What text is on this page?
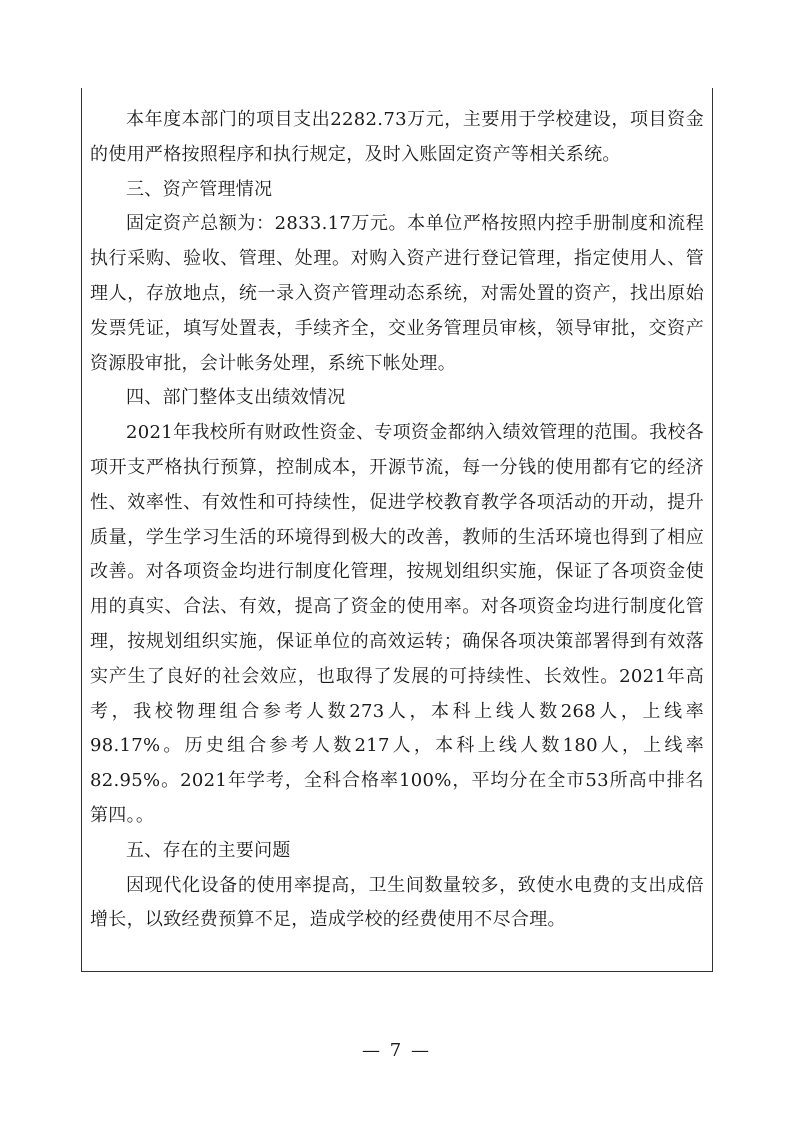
本年度本部门的项目支出2282.73万元，主要用于学校建设，项目资金的使用严格按照程序和执行规定，及时入账固定资产等相关系统。

三、资产管理情况

固定资产总额为：2833.17万元。本单位严格按照内控手册制度和流程执行采购、验收、管理、处理。对购入资产进行登记管理，指定使用人、管理人，存放地点，统一录入资产管理动态系统，对需处置的资产，找出原始发票凭证，填写处置表，手续齐全，交业务管理员审核，领导审批，交资产资源股审批，会计帐务处理，系统下帐处理。

四、部门整体支出绩效情况

2021年我校所有财政性资金、专项资金都纳入绩效管理的范围。我校各项开支严格执行预算，控制成本，开源节流，每一分钱的使用都有它的经济性、效率性、有效性和可持续性，促进学校教育教学各项活动的开动，提升质量，学生学习生活的环境得到极大的改善，教师的生活环境也得到了相应改善。对各项资金均进行制度化管理，按规划组织实施，保证了各项资金使用的真实、合法、有效，提高了资金的使用率。对各项资金均进行制度化管理，按规划组织实施，保证单位的高效运转；确保各项决策部署得到有效落实产生了良好的社会效应，也取得了发展的可持续性、长效性。2021年高考，我校物理组合参考人数273人，本科上线人数268人，上线率98.17%。历史组合参考人数217人，本科上线人数180人，上线率82.95%。2021年学考，全科合格率100%，平均分在全市53所高中排名第四。。

五、存在的主要问题

因现代化设备的使用率提高，卫生间数量较多，致使水电费的支出成倍增长，以致经费预算不足，造成学校的经费使用不尽合理。

— 7 —
